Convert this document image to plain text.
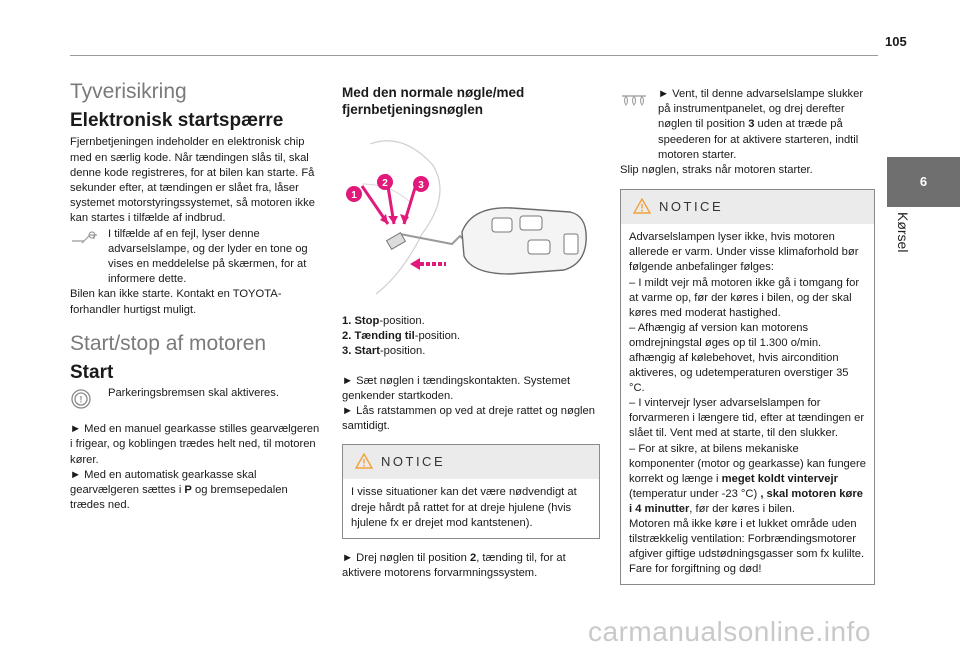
105
6
Kørsel
Tyverisikring
Elektronisk startspærre

Fjernbetjeningen indeholder en elektronisk chip med en særlig kode. Når tændingen slås til, skal denne kode registreres, for at bilen kan starte. Få sekunder efter, at tændingen er slået fra, låser systemet motorstyringssystemet, så motoren ikke kan startes i tilfælde af indbrud.

I tilfælde af en fejl, lyser denne advarselslampe, og der lyder en tone og vises en meddelelse på skærmen, for at informere dette.

Bilen kan ikke starte. Kontakt en TOYOTA-forhandler hurtigst muligt.

Start/stop af motoren
Start
!
Parkeringsbremsen skal aktiveres.

► Med en manuel gearkasse stilles gearvælgeren i frigear, og koblingen trædes helt ned, til motoren kører.

► Med en automatisk gearkasse skal gearvælgeren sættes i P og bremsepedalen trædes ned.

Med den normale nøgle/med fjernbetjeningsnøglen
1
2	3

1. Stop-position.

2. Tænding til-position.

3. Start-position.

► Sæt nøglen i tændingskontakten. Systemet genkender startkoden.

► Lås ratstammen op ved at dreje rattet og nøglen samtidigt.

NOTICE

I visse situationer kan det være nødvendigt at dreje hårdt på rattet for at dreje hjulene (hvis hjulene fx er drejet mod kantstenen).

► Drej nøglen til position 2, tænding til, for at aktivere motorens forvarmningssystem.

► Vent, til denne advarselslampe slukker på instrumentpanelet, og drej derefter nøglen til position 3 uden at træde på speederen for at aktivere starteren, indtil motoren starter.

Slip nøglen, straks når motoren starter.

NOTICE

Advarselslampen lyser ikke, hvis motoren allerede er varm. Under visse klimaforhold bør følgende anbefalinger følges:

– I mildt vejr må motoren ikke gå i tomgang for at varme op, før der køres i bilen, og der skal køres med moderat hastighed.

– Afhængig af version kan motorens omdrejningstal øges op til 1.300 o/min. afhængig af kølebehovet, hvis aircondition aktiveres, og udetemperaturen overstiger 35 °C.

– I vintervejr lyser advarselslampen for forvarmeren i længere tid, efter at tændingen er slået til. Vent med at starte, til den slukker.

– For at sikre, at bilens mekaniske komponenter (motor og gearkasse) kan fungere korrekt og længe i meget koldt vintervejr (temperatur under -23 °C) , skal motoren køre i 4 minutter, før der køres i bilen.

Motoren må ikke køre i et lukket område uden tilstrækkelig ventilation: Forbrændingsmotorer afgiver giftige udstødningsgasser som fx kulilte. Fare for forgiftning og død!

carmanualsonline.info
